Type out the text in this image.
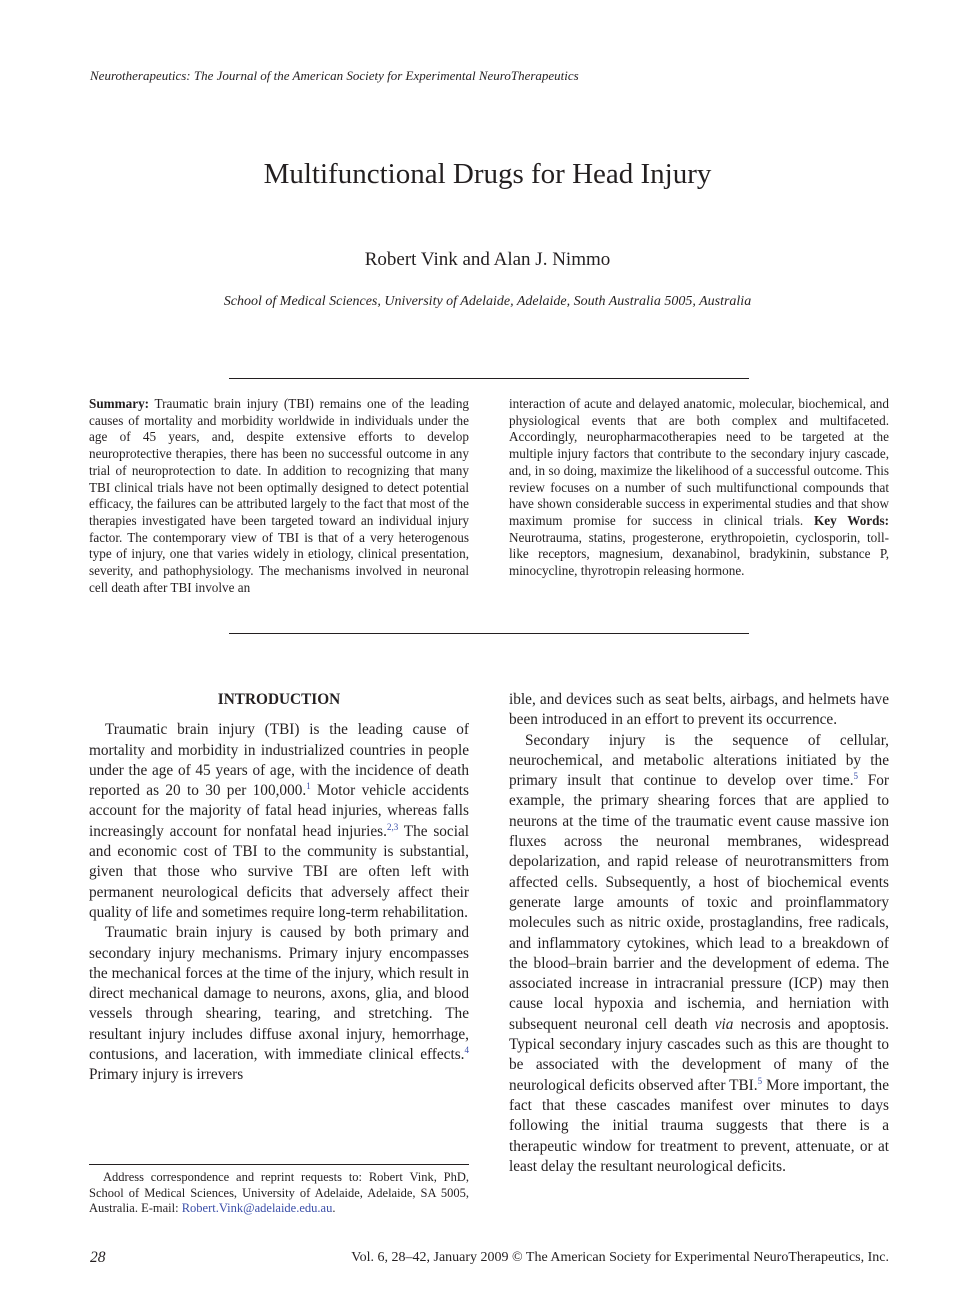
Neurotherapeutics: The Journal of the American Society for Experimental NeuroTherapeutics
Multifunctional Drugs for Head Injury
Robert Vink and Alan J. Nimmo
School of Medical Sciences, University of Adelaide, Adelaide, South Australia 5005, Australia
Summary: Traumatic brain injury (TBI) remains one of the leading causes of mortality and morbidity worldwide in individuals under the age of 45 years, and, despite extensive efforts to develop neuroprotective therapies, there has been no successful outcome in any trial of neuroprotection to date. In addition to recognizing that many TBI clinical trials have not been optimally designed to detect potential efficacy, the failures can be attributed largely to the fact that most of the therapies investigated have been targeted toward an individual injury factor. The contemporary view of TBI is that of a very heterogenous type of injury, one that varies widely in etiology, clinical presentation, severity, and pathophysiology. The mechanisms involved in neuronal cell death after TBI involve an
interaction of acute and delayed anatomic, molecular, biochemical, and physiological events that are both complex and multifaceted. Accordingly, neuropharmacotherapies need to be targeted at the multiple injury factors that contribute to the secondary injury cascade, and, in so doing, maximize the likelihood of a successful outcome. This review focuses on a number of such multifunctional compounds that have shown considerable success in experimental studies and that show maximum promise for success in clinical trials. Key Words: Neurotrauma, statins, progesterone, erythropoietin, cyclosporin, toll-like receptors, magnesium, dexanabinol, bradykinin, substance P, minocycline, thyrotropin releasing hormone.
INTRODUCTION

Traumatic brain injury (TBI) is the leading cause of mortality and morbidity in industrialized countries in people under the age of 45 years of age, with the incidence of death reported as 20 to 30 per 100,000.$^1$ Motor vehicle accidents account for the majority of fatal head injuries, whereas falls increasingly account for nonfatal head injuries.$^{2,3}$ The social and economic cost of TBI to the community is substantial, given that those who survive TBI are often left with permanent neurological deficits that adversely affect their quality of life and sometimes require long-term rehabilitation.

Traumatic brain injury is caused by both primary and secondary injury mechanisms. Primary injury encompasses the mechanical forces at the time of the injury, which result in direct mechanical damage to neurons, axons, glia, and blood vessels through shearing, tearing, and stretching. The resultant injury includes diffuse axonal injury, hemorrhage, contusions, and laceration, with immediate clinical effects.$^4$ Primary injury is irrevers

ible, and devices such as seat belts, airbags, and helmets have been introduced in an effort to prevent its occurrence.

Secondary injury is the sequence of cellular, neurochemical, and metabolic alterations initiated by the primary insult that continue to develop over time.$^5$ For example, the primary shearing forces that are applied to neurons at the time of the traumatic event cause massive ion fluxes across the neuronal membranes, widespread depolarization, and rapid release of neurotransmitters from affected cells. Subsequently, a host of biochemical events generate large amounts of toxic and proinflammatory molecules such as nitric oxide, prostaglandins, free radicals, and inflammatory cytokines, which lead to a breakdown of the blood–brain barrier and the development of edema. The associated increase in intracranial pressure (ICP) may then cause local hypoxia and ischemia, and herniation with subsequent neuronal cell death via necrosis and apoptosis. Typical secondary injury cascades such as this are thought to be associated with the development of many of the neurological deficits observed after TBI.$^5$ More important, the fact that these cascades manifest over minutes to days following the initial trauma suggests that there is a therapeutic window for treatment to prevent, attenuate, or at least delay the resultant neurological deficits.

Address correspondence and reprint requests to: Robert Vink, PhD, School of Medical Sciences, University of Adelaide, Adelaide, SA 5005, Australia. E-mail: Robert.Vink@adelaide.edu.au.
28	Vol. 6, 28–42, January 2009 © The American Society for Experimental NeuroTherapeutics, Inc.
